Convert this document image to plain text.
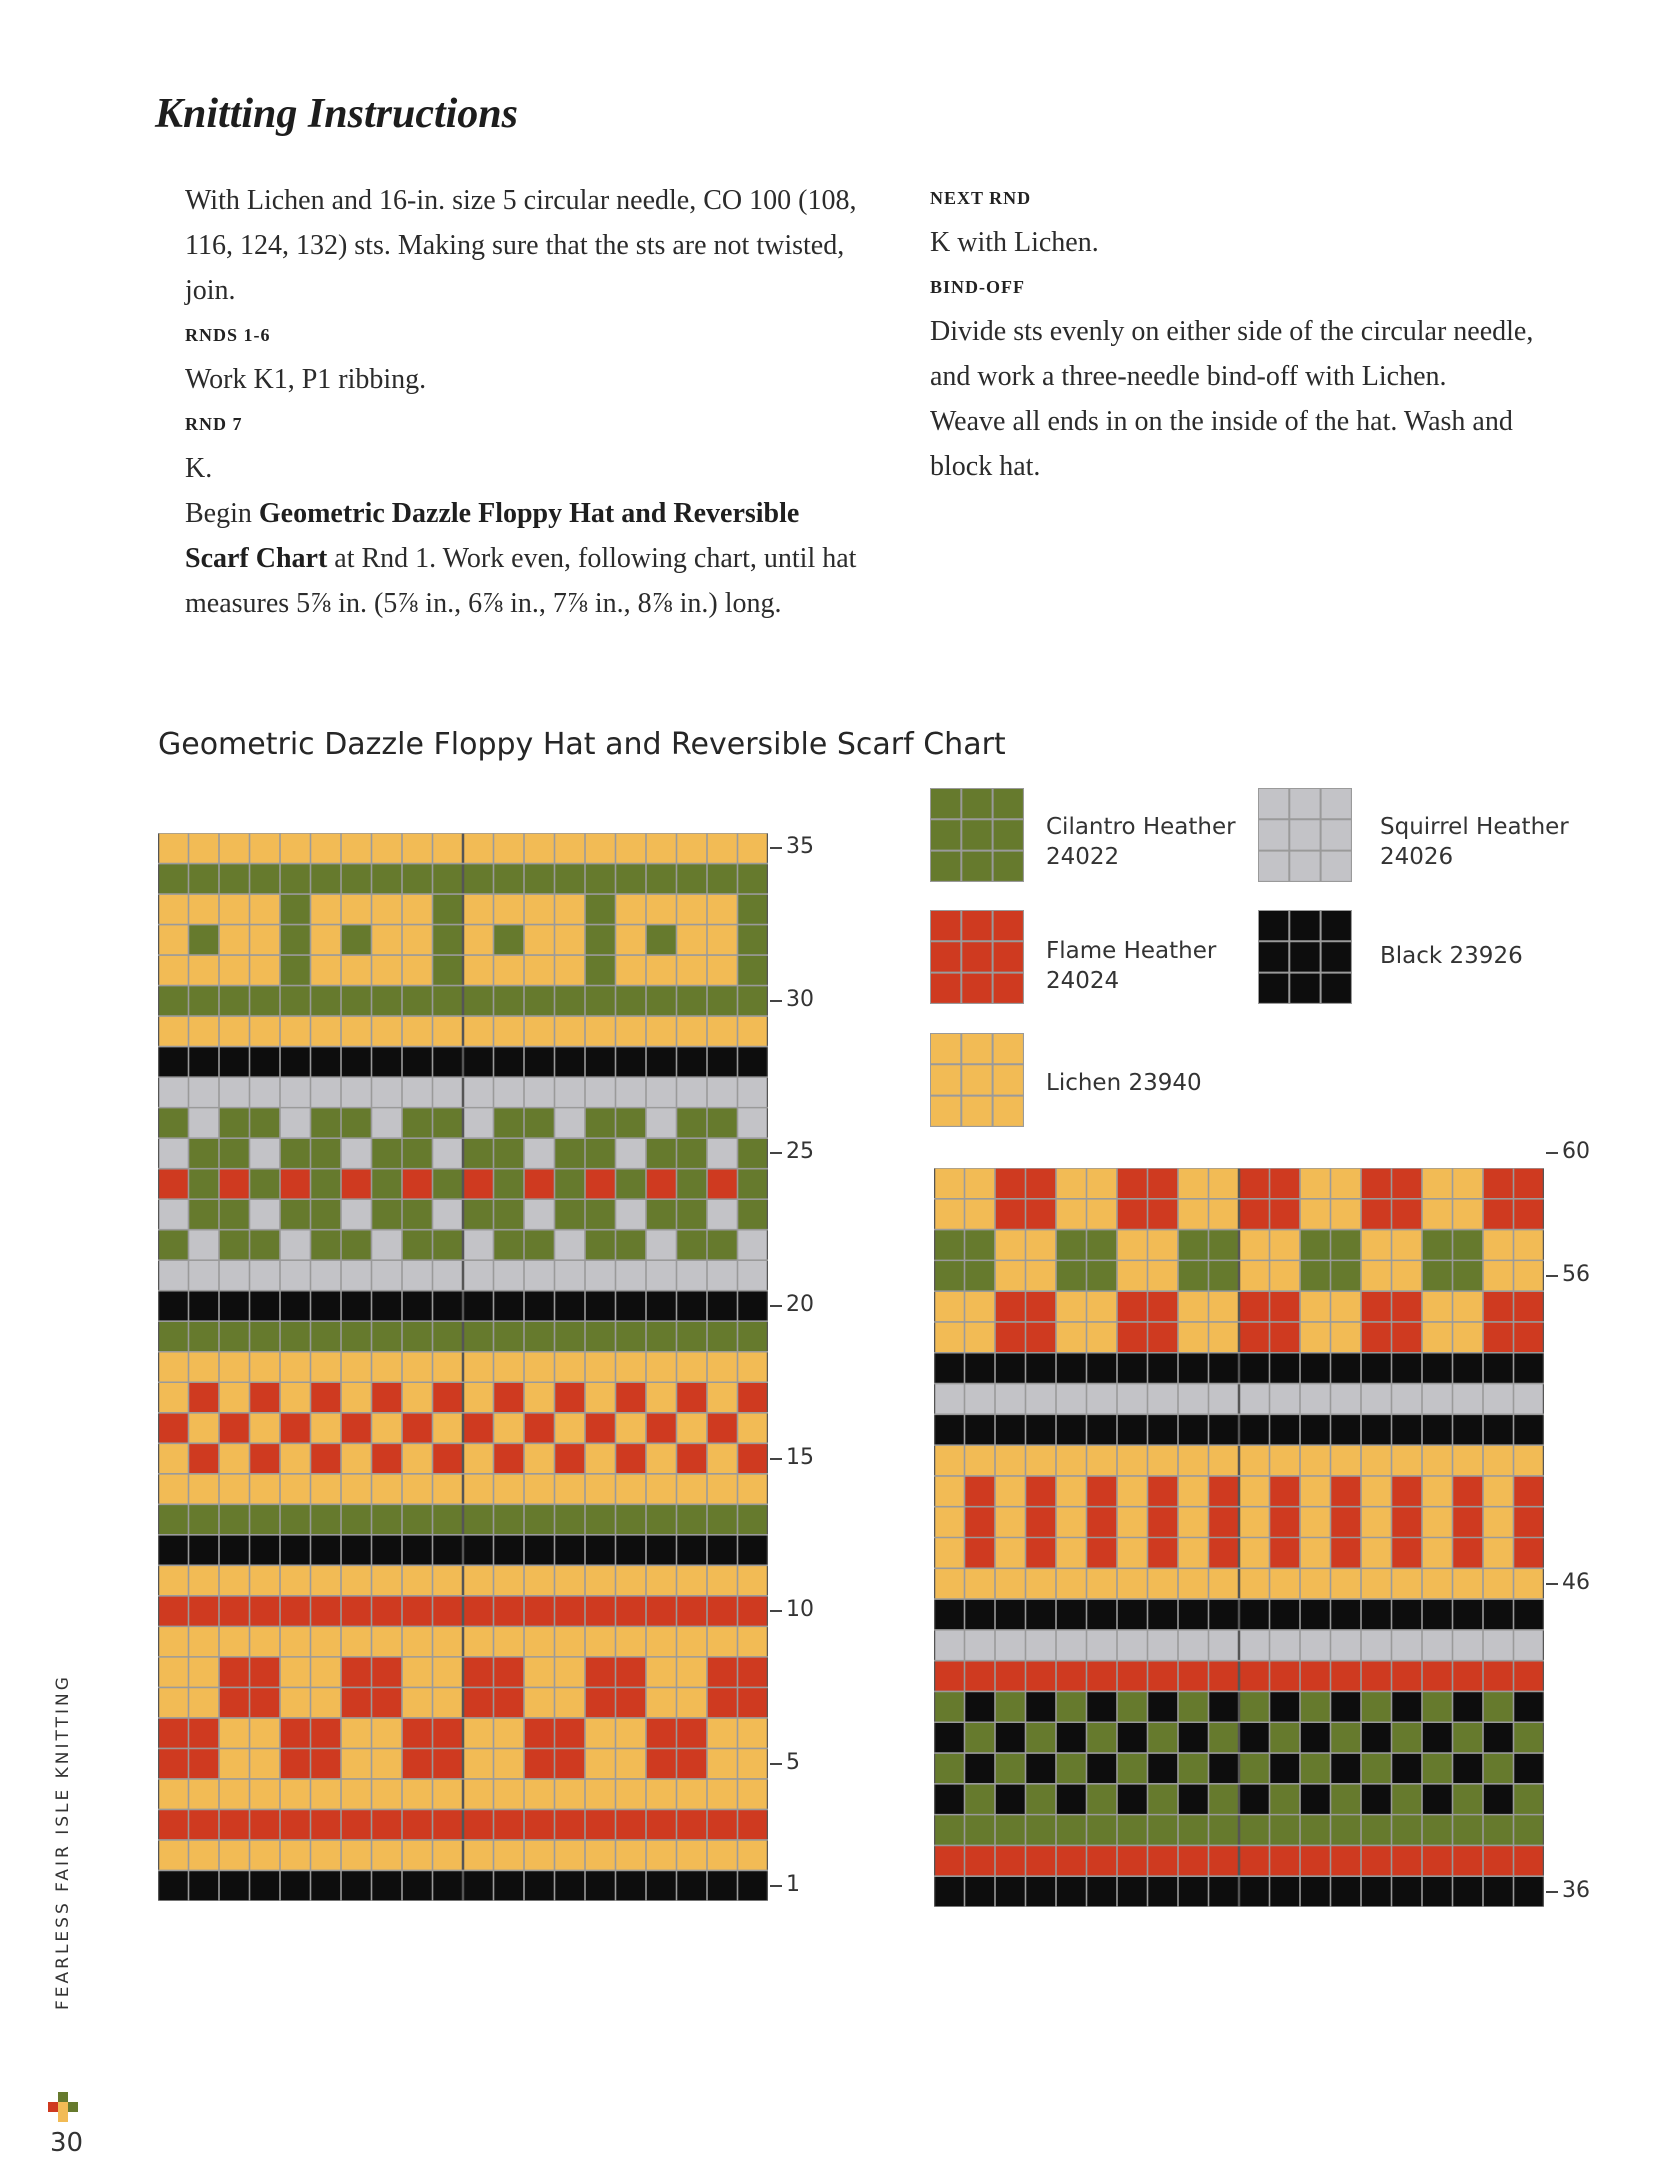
Knitting Instructions

With Lichen and 16-in. size 5 circular needle, CO 100 (108, 116, 124, 132) sts. Making sure that the sts are not twisted, join.

RNDS 1-6

Work K1, P1 ribbing.

RND 7

K.

Begin Geometric Dazzle Floppy Hat and Reversible Scarf Chart at Rnd 1. Work even, following chart, until hat measures 5⅞ in. (5⅞ in., 6⅞ in., 7⅞ in., 8⅞ in.) long.

NEXT RND

K with Lichen.

BIND-OFF

Divide sts evenly on either side of the circular needle, and work a three-needle bind-off with Lichen.

Weave all ends in on the inside of the hat. Wash and block hat.

Geometric Dazzle Floppy Hat and Reversible Scarf Chart
35
30
25
20
15
10
5
1
60
56
46
36
Cilantro Heather
24022
Squirrel Heather
24026
Flame Heather
24024
Black 23926
Lichen 23940
FEARLESS FAIR ISLE KNITTING
30
